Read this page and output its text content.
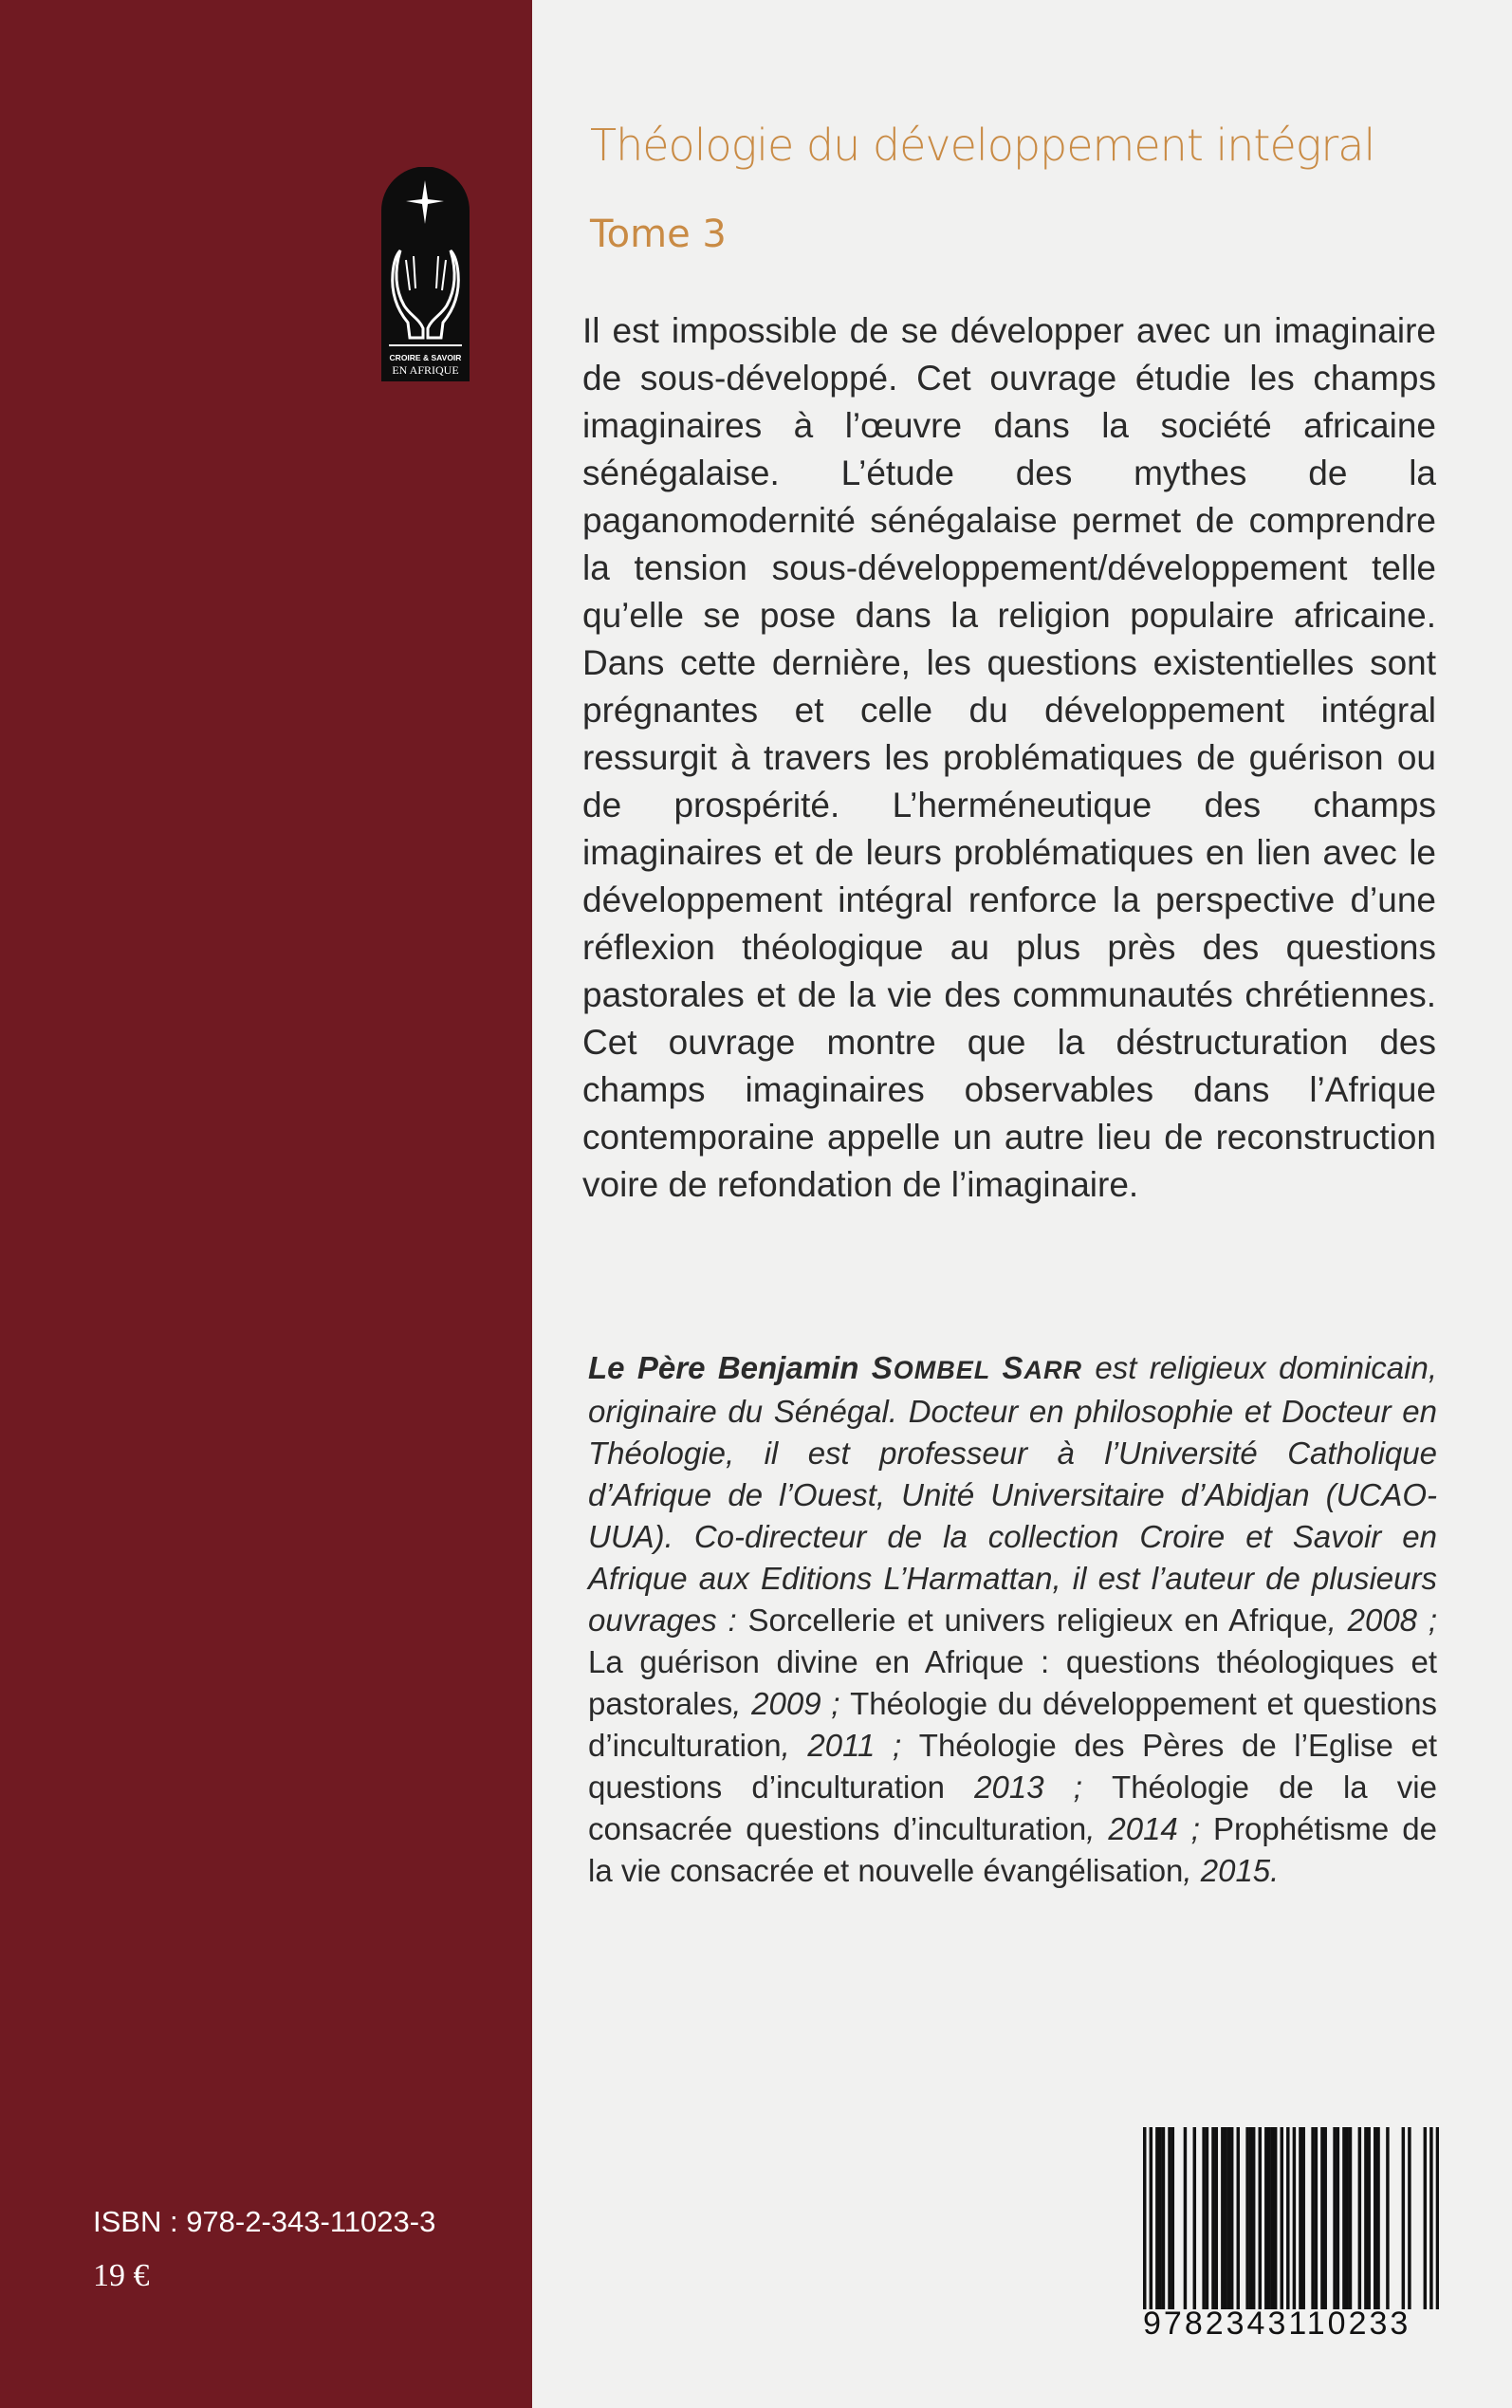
CROIRE & SAVOIR
EN AFRIQUE
ISBN : 978-2-343-11023-3
19 €
Théologie du développement intégral
Tome 3
Il est impossible de se développer avec un imaginaire de sous-développé. Cet ouvrage étudie les champs imaginaires à l’œuvre dans la société africaine sénégalaise. L’étude des mythes de la paganomodernité sénégalaise permet de comprendre la tension sous-développement/développement telle qu’elle se pose dans la religion populaire africaine. Dans cette dernière, les questions existentielles sont prégnantes et celle du développement intégral ressurgit à travers les problématiques de guérison ou de prospérité. L’herméneutique des champs imaginaires et de leurs problématiques en lien avec le développement intégral renforce la perspective d’une réflexion théologique au plus près des questions pastorales et de la vie des communautés chrétiennes. Cet ouvrage montre que la déstructuration des champs imaginaires observables dans l’Afrique contemporaine appelle un autre lieu de reconstruction voire de refondation de l’imaginaire.
Le Père Benjamin SOMBEL SARR est religieux dominicain, originaire du Sénégal. Docteur en philosophie et Docteur en Théologie, il est professeur à l’Université Catholique d’Afrique de l’Ouest, Unité Universitaire d’Abidjan (UCAO-UUA). Co-directeur de la collection Croire et Savoir en Afrique aux Editions L’Harmattan, il est l’auteur de plusieurs ouvrages : Sorcellerie et univers religieux en Afrique, 2008 ; La guérison divine en Afrique : questions théologiques et pastorales, 2009 ; Théologie du développement et questions d’inculturation, 2011 ; Théologie des Pères de l’Eglise et questions d’inculturation 2013 ; Théologie de la vie consacrée questions d’inculturation, 2014 ; Prophétisme de la vie consacrée et nouvelle évangélisation, 2015.
9782343110233
